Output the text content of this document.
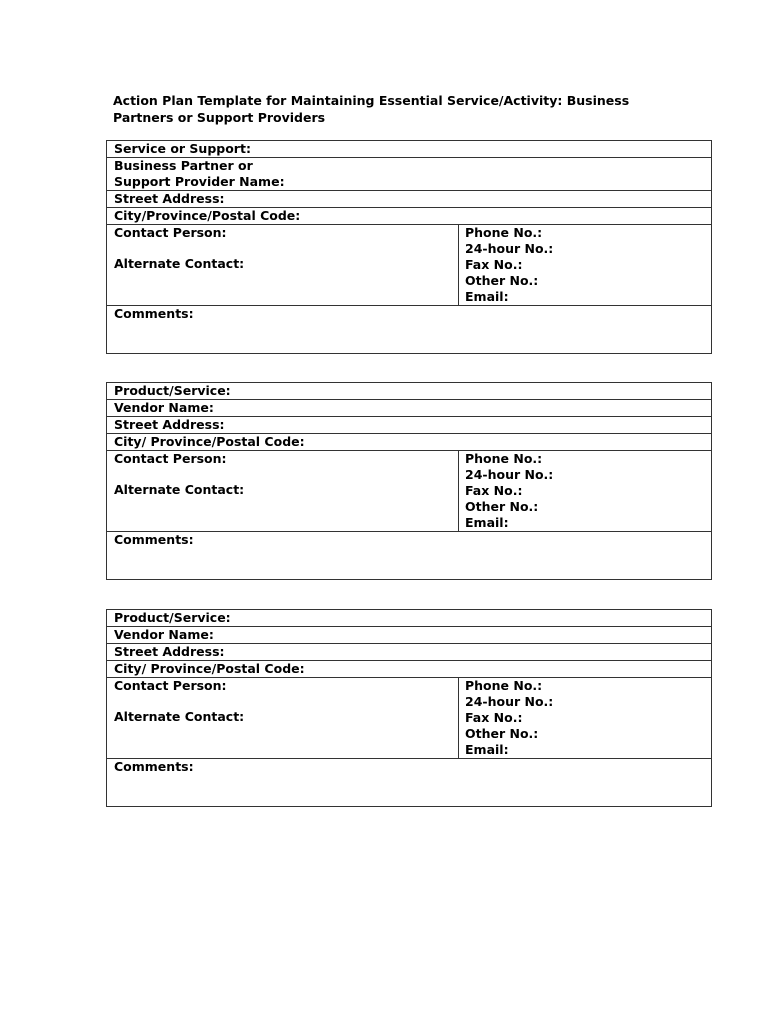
Action Plan Template for Maintaining Essential Service/Activity: Business
Partners or Support Providers
Service or Support:
Business Partner or
Support Provider Name:
Street Address:
City/Province/Postal Code:
Contact Person:
Alternate Contact:
Phone No.:
24-hour No.:
Fax No.:
Other No.:
Email:
Comments:
Product/Service:
Vendor Name:
Street Address:
City/ Province/Postal Code:
Contact Person:
Alternate Contact:
Phone No.:
24-hour No.:
Fax No.:
Other No.:
Email:
Comments:
Product/Service:
Vendor Name:
Street Address:
City/ Province/Postal Code:
Contact Person:
Alternate Contact:
Phone No.:
24-hour No.:
Fax No.:
Other No.:
Email:
Comments:
